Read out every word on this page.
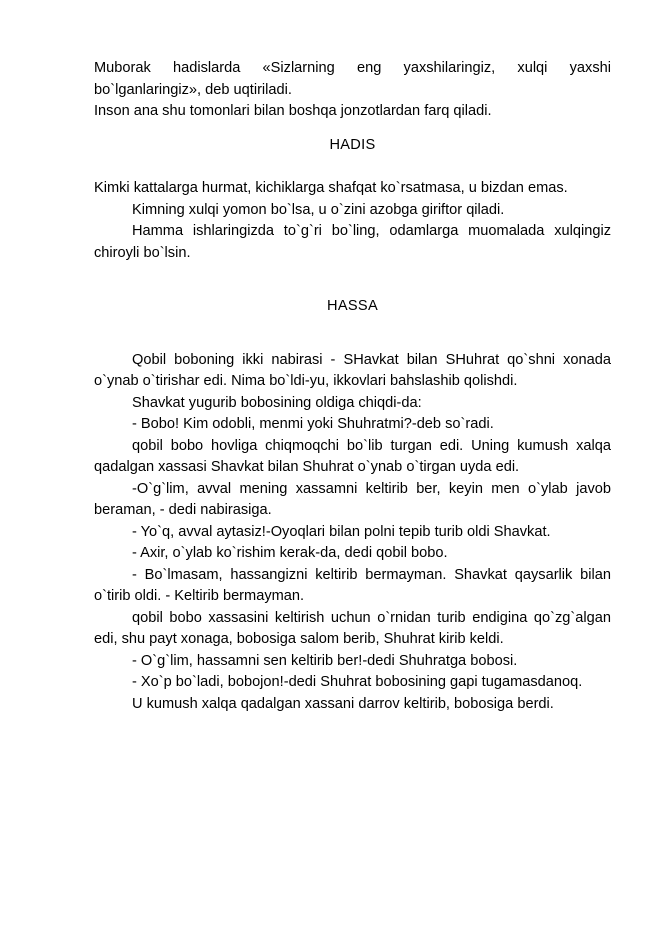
Muborak hadislarda «Sizlarning eng yaxshilaringiz, xulqi yaxshi bo`lganlaringiz», deb uqtiriladi.

Inson ana shu tomonlari bilan boshqa jonzotlardan farq qiladi.

HADIS

Kimki kattalarga hurmat, kichiklarga shafqat ko`rsatmasa, u bizdan emas.

Kimning xulqi yomon bo`lsa, u o`zini azobga giriftor qiladi.

Hamma ishlaringizda to`g`ri bo`ling, odamlarga muomalada xulqingiz chiroyli bo`lsin.

HASSA

Qobil boboning ikki nabirasi - SHavkat bilan SHuhrat qo`shni xonada o`ynab o`tirishar edi. Nima bo`ldi-yu, ikkovlari bahslashib qolishdi.

Shavkat yugurib bobosining oldiga chiqdi-da:

- Bobo! Kim odobli, menmi yoki Shuhratmi?-deb so`radi.

qobil bobo hovliga chiqmoqchi bo`lib turgan edi. Uning kumush xalqa qadalgan xassasi Shavkat bilan Shuhrat o`ynab o`tirgan uyda edi.

-O`g`lim, avval mening xassamni keltirib ber, keyin men o`ylab javob beraman, - dedi nabirasiga.

- Yo`q, avval aytasiz!-Oyoqlari bilan polni tepib turib oldi Shavkat.

- Axir, o`ylab ko`rishim kerak-da, dedi qobil bobo.

- Bo`lmasam, hassangizni keltirib bermayman. Shavkat qaysarlik bilan o`tirib oldi. - Keltirib bermayman.

qobil bobo xassasini keltirish uchun o`rnidan turib endigina qo`zg`algan edi, shu payt xonaga, bobosiga salom berib, Shuhrat kirib keldi.

- O`g`lim, hassamni sen keltirib ber!-dedi Shuhratga bobosi.

- Xo`p bo`ladi, bobojon!-dedi Shuhrat bobosining gapi tugamasdanoq.

U kumush xalqa qadalgan xassani darrov keltirib, bobosiga berdi.
